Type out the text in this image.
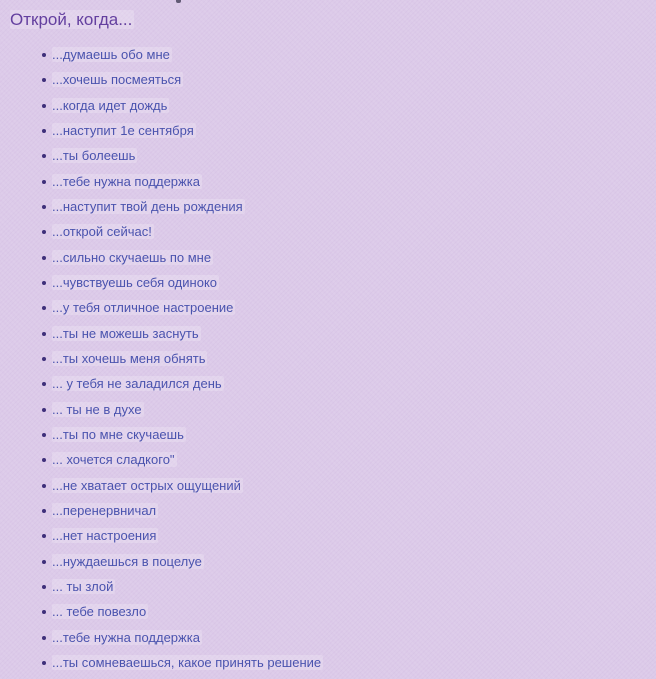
Открой, когда...
...думаешь обо мне
...хочешь посмеяться
...когда идет дождь
...наступит 1е сентября
...ты болеешь
...тебе нужна поддержка
...наступит твой день рождения
...открой сейчас!
...сильно скучаешь по мне
...чувствуешь себя одиноко
...у тебя отличное настроение
...ты не можешь заснуть
...ты хочешь меня обнять
... у тебя не заладился день
... ты не в духе
...ты по мне скучаешь
... хочется сладкого"
...не хватает острых ощущений
...перенервничал
...нет настроения
...нуждаешься в поцелуе
... ты злой
... тебе повезло
...тебе нужна поддержка
...ты сомневаешься, какое принять решение
